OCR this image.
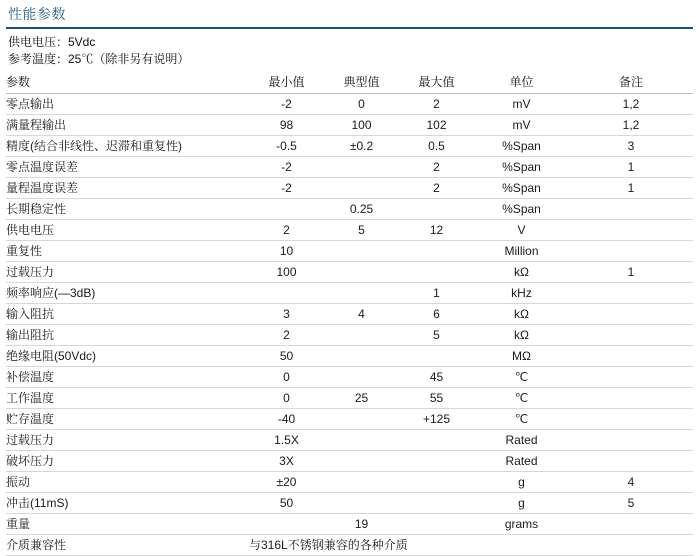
性能参数
供电电压：5Vdc
参考温度：25℃（除非另有说明）
参数	最小值	典型值	最大值	单位	备注
零点输出	-2	0	2	mV	1,2
满量程输出	98	100	102	mV	1,2
精度(结合非线性、迟滞和重复性)	-0.5	±0.2	0.5	%Span	3
零点温度误差	-2		2	%Span	1
量程温度误差	-2		2	%Span	1
长期稳定性		0.25		%Span	
供电电压	2	5	12	V	
重复性	10			Million	
过载压力	100			kΩ	1
频率响应(—3dB)			1	kHz	
输入阻抗	3	4	6	kΩ	
输出阻抗	2		5	kΩ	
绝缘电阻(50Vdc)	50			MΩ	
补偿温度	0		45	℃	
工作温度	0	25	55	℃	
贮存温度	-40		+125	℃	
过载压力	1.5X			Rated	
破坏压力	3X			Rated	
振动	±20			g	4
冲击(11mS)	50			g	5
重量		19		grams	
介质兼容性	与316L不锈钢兼容的各种介质				
